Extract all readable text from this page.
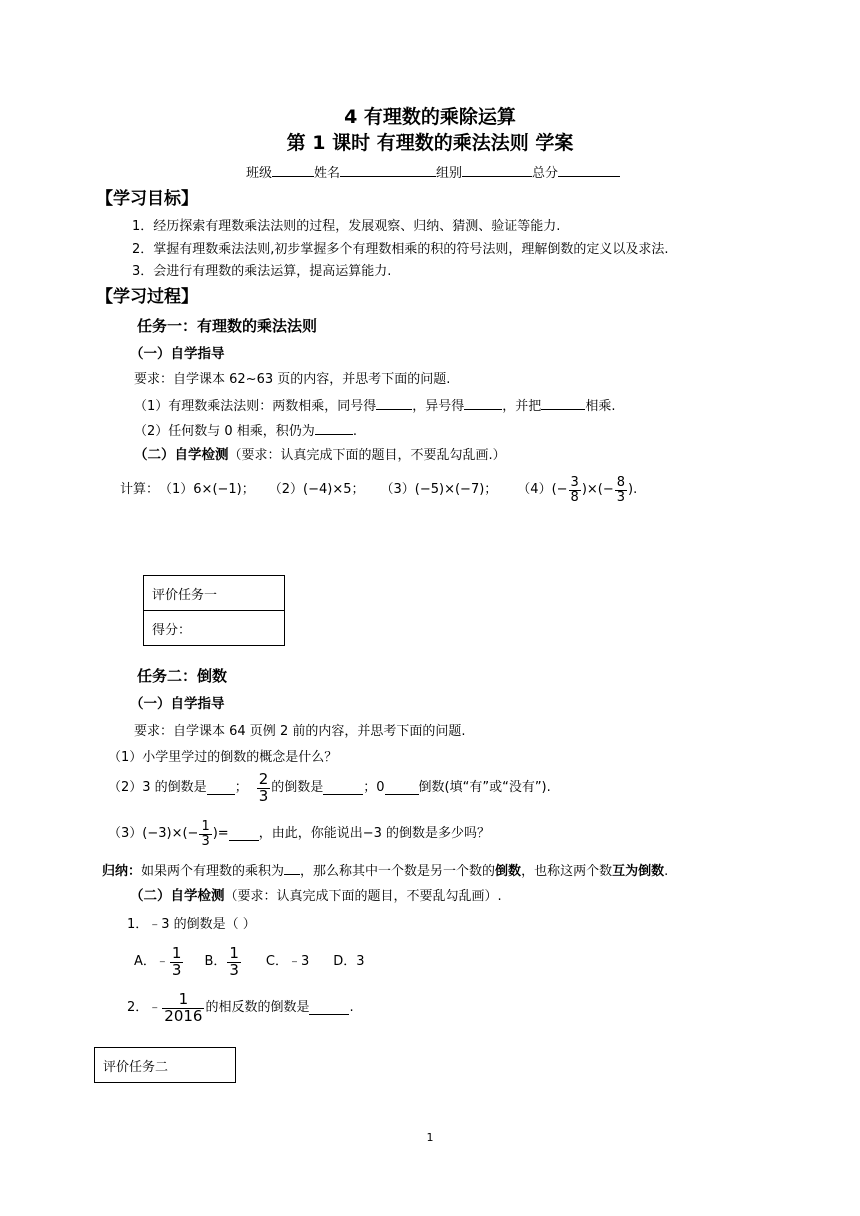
4 有理数的乘除运算
第 1 课时 有理数的乘法法则 学案
班级	姓名	组别	总分
【学习目标】
1．经历探索有理数乘法法则的过程，发展观察、归纳、猜测、验证等能力.
2．掌握有理数乘法法则,初步掌握多个有理数相乘的积的符号法则，理解倒数的定义以及求法.
3．会进行有理数的乘法运算，提高运算能力.
【学习过程】
任务一：有理数的乘法法则
（一）自学指导
要求：自学课本 62~63 页的内容，并思考下面的问题.
（1）有理数乘法法则：两数相乘，同号得	，异号得	，并把	相乘.
（2）任何数与 0 相乘，积仍为	.
（二）自学检测（要求：认真完成下面的题目，不要乱勾乱画.）
计算： （1）6×(−1)； （2）(−4)×5； （3）(−5)×(−7)； $(4)(- \frac{3}{8}$ )×(− $\frac{8}{3}$ ).
评价任务一
得分：
任务二：倒数
（一）自学指导
要求：自学课本 64 页例 2 前的内容，并思考下面的问题.
（1）小学里学过的倒数的概念是什么？
（2）3 的倒数是 ； $\frac{2}{3}$ 的倒数是	；0	倒数(填“有”或“没有”).
$(3)(-3)\times(- \frac{1}{3}$ )= ，由此，你能说出−3 的倒数是多少吗？
归纳：如果两个有理数的乘积为 ，那么称其中一个数是另一个数的倒数，也称这两个数互为倒数.
（二）自学检测（要求：认真完成下面的题目，不要乱勾乱画）.
1．﹣3 的倒数是（ ）
A．﹣ $\frac{1}{3}$ B． $\frac{1}{3}$ C．﹣3 D．3
2．﹣ $\frac{1}{2016}$ 的相反数的倒数是	.
评价任务二
1
